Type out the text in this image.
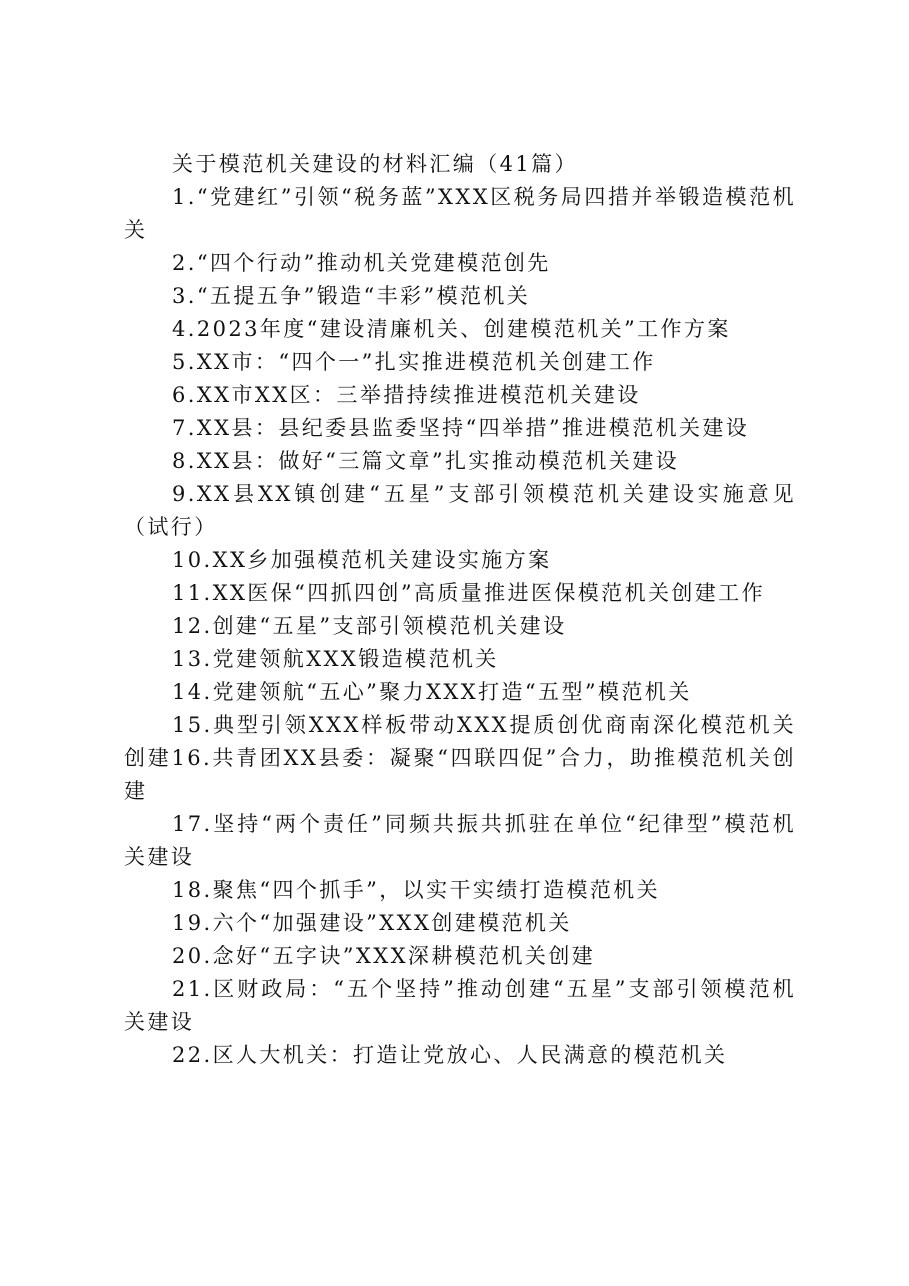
关于模范机关建设的材料汇编（41篇）

1.“党建红”引领“税务蓝”XXX区税务局四措并举锻造模范机关

2.“四个行动”推动机关党建模范创先

3.“五提五争”锻造“丰彩”模范机关

4.2023年度“建设清廉机关、创建模范机关”工作方案

5.XX市：“四个一”扎实推进模范机关创建工作

6.XX市XX区：三举措持续推进模范机关建设

7.XX县：县纪委县监委坚持“四举措”推进模范机关建设

8.XX县：做好“三篇文章”扎实推动模范机关建设

9.XX县XX镇创建“五星”支部引领模范机关建设实施意见（试行）

10.XX乡加强模范机关建设实施方案

11.XX医保“四抓四创”高质量推进医保模范机关创建工作

12.创建“五星”支部引领模范机关建设

13.党建领航XXX锻造模范机关

14.党建领航“五心”聚力XXX打造“五型”模范机关

15.典型引领XXX样板带动XXX提质创优商南深化模范机关创建16.共青团XX县委：凝聚“四联四促”合力，助推模范机关创建

17.坚持“两个责任”同频共振共抓驻在单位“纪律型”模范机关建设

18.聚焦“四个抓手”，以实干实绩打造模范机关

19.六个“加强建设”XXX创建模范机关

20.念好“五字诀”XXX深耕模范机关创建

21.区财政局：“五个坚持”推动创建“五星”支部引领模范机关建设

22.区人大机关：打造让党放心、人民满意的模范机关
